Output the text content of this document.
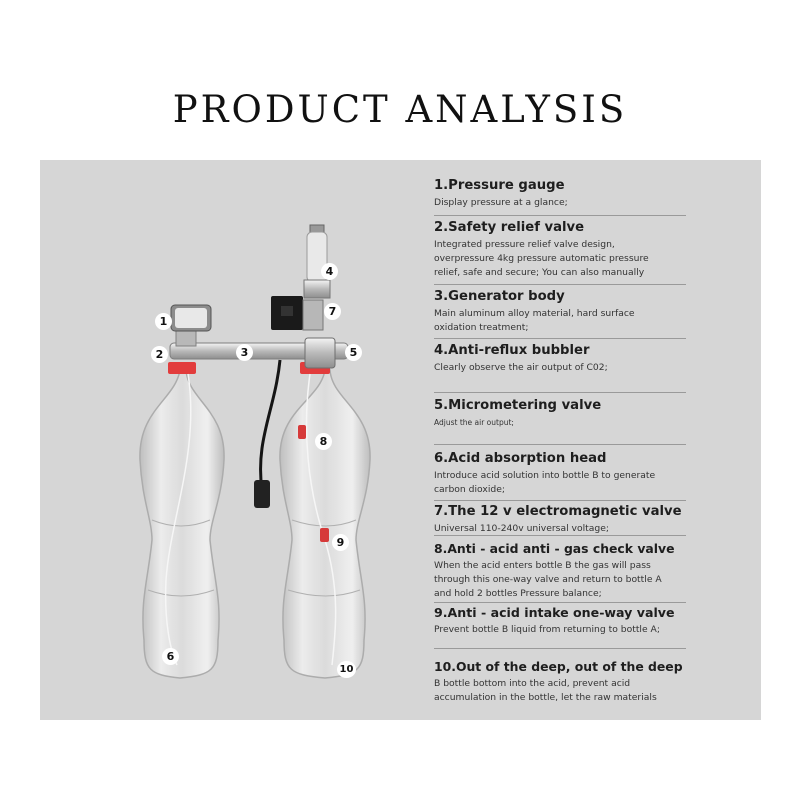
PRODUCT ANALYSIS
1
2	3
4
5
6
7
8
9
10
1.Pressure gauge
Display pressure at a glance;
2.Safety relief valve
Integrated pressure relief valve design,
overpressure 4kg pressure automatic pressure
relief, safe and secure; You can also manually
3.Generator body
Main aluminum alloy material, hard surface
oxidation treatment;
4.Anti-reflux bubbler
Clearly observe the air output of C02;
5.Micrometering valve
Adjust the air output;
6.Acid absorption head
Introduce acid solution into bottle B to generate
carbon dioxide;
7.The 12 v electromagnetic valve
Universal 110-240v universal voltage;
8.Anti - acid anti - gas check valve
When the acid enters bottle B the gas will pass
through this one-way valve and return to bottle A
and hold 2 bottles Pressure balance;
9.Anti - acid intake one-way valve
Prevent bottle B liquid from returning to bottle A;
10.Out of the deep, out of the deep
B bottle bottom into the acid, prevent acid
accumulation in the bottle, let the raw materials
